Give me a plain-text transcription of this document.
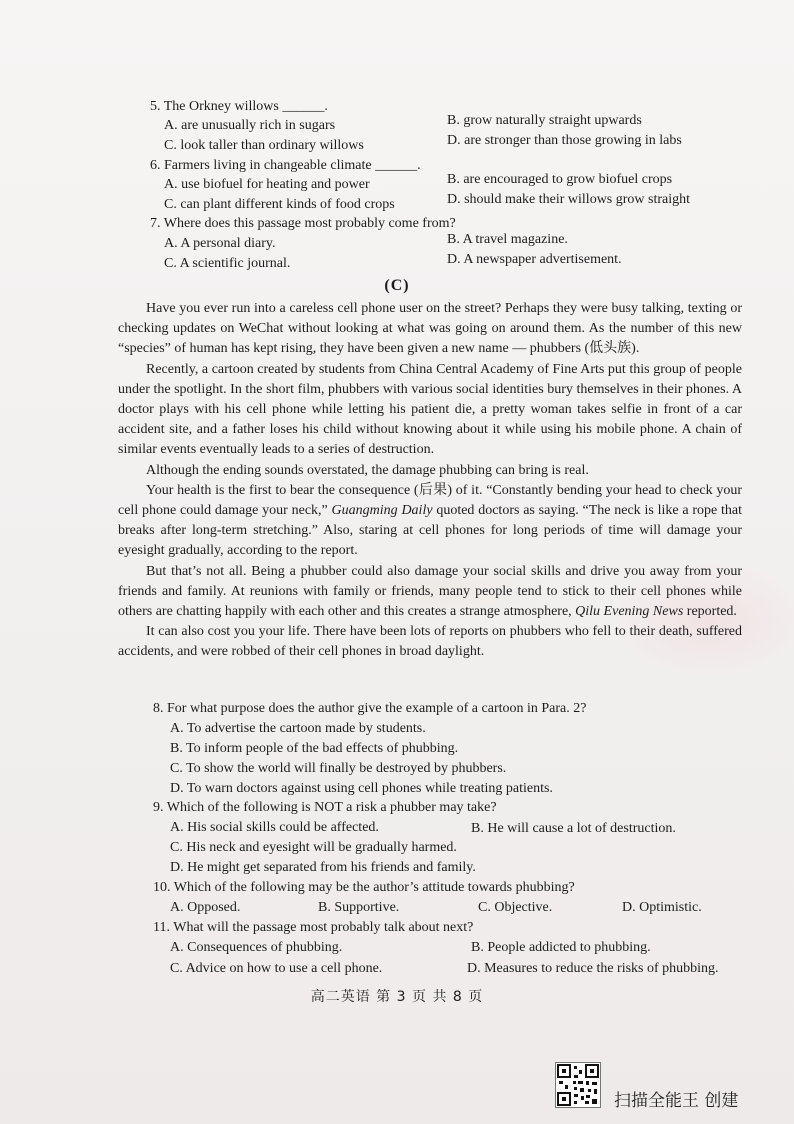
5. The Orkney willows ______.
A. are unusually rich in sugars	B. grow naturally straight upwards
C. look taller than ordinary willows	D. are stronger than those growing in labs
6. Farmers living in changeable climate ______.
A. use biofuel for heating and power	B. are encouraged to grow biofuel crops
C. can plant different kinds of food crops	D. should make their willows grow straight
7. Where does this passage most probably come from?
A. A personal diary.	B. A travel magazine.
C. A scientific journal.	D. A newspaper advertisement.
(C)

Have you ever run into a careless cell phone user on the street? Perhaps they were busy talking, texting or checking updates on WeChat without looking at what was going on around them. As the number of this new “species” of human has kept rising, they have been given a new name — phubbers (低头族).

Recently, a cartoon created by students from China Central Academy of Fine Arts put this group of people under the spotlight. In the short film, phubbers with various social identities bury themselves in their phones. A doctor plays with his cell phone while letting his patient die, a pretty woman takes selfie in front of a car accident site, and a father loses his child without knowing about it while using his mobile phone. A chain of similar events eventually leads to a series of destruction.

Although the ending sounds overstated, the damage phubbing can bring is real.

Your health is the first to bear the consequence (后果) of it. “Constantly bending your head to check your cell phone could damage your neck,” Guangming Daily quoted doctors as saying. “The neck is like a rope that breaks after long-term stretching.” Also, staring at cell phones for long periods of time will damage your eyesight gradually, according to the report.

But that’s not all. Being a phubber could also damage your social skills and drive you away from your friends and family. At reunions with family or friends, many people tend to stick to their cell phones while others are chatting happily with each other and this creates a strange atmosphere, Qilu Evening News reported.

It can also cost you your life. There have been lots of reports on phubbers who fell to their death, suffered accidents, and were robbed of their cell phones in broad daylight.

8. For what purpose does the author give the example of a cartoon in Para. 2?
A. To advertise the cartoon made by students.
B. To inform people of the bad effects of phubbing.
C. To show the world will finally be destroyed by phubbers.
D. To warn doctors against using cell phones while treating patients.
9. Which of the following is NOT a risk a phubber may take?
A. His social skills could be affected.	B. He will cause a lot of destruction.
C. His neck and eyesight will be gradually harmed.
D. He might get separated from his friends and family.
10. Which of the following may be the author’s attitude towards phubbing?
A. Opposed.	B. Supportive.	C. Objective.	D. Optimistic.
11. What will the passage most probably talk about next?
A. Consequences of phubbing.	B. People addicted to phubbing.
C. Advice on how to use a cell phone.	D. Measures to reduce the risks of phubbing.
高二英语 第 3 页 共 8 页
扫描全能王 创建
